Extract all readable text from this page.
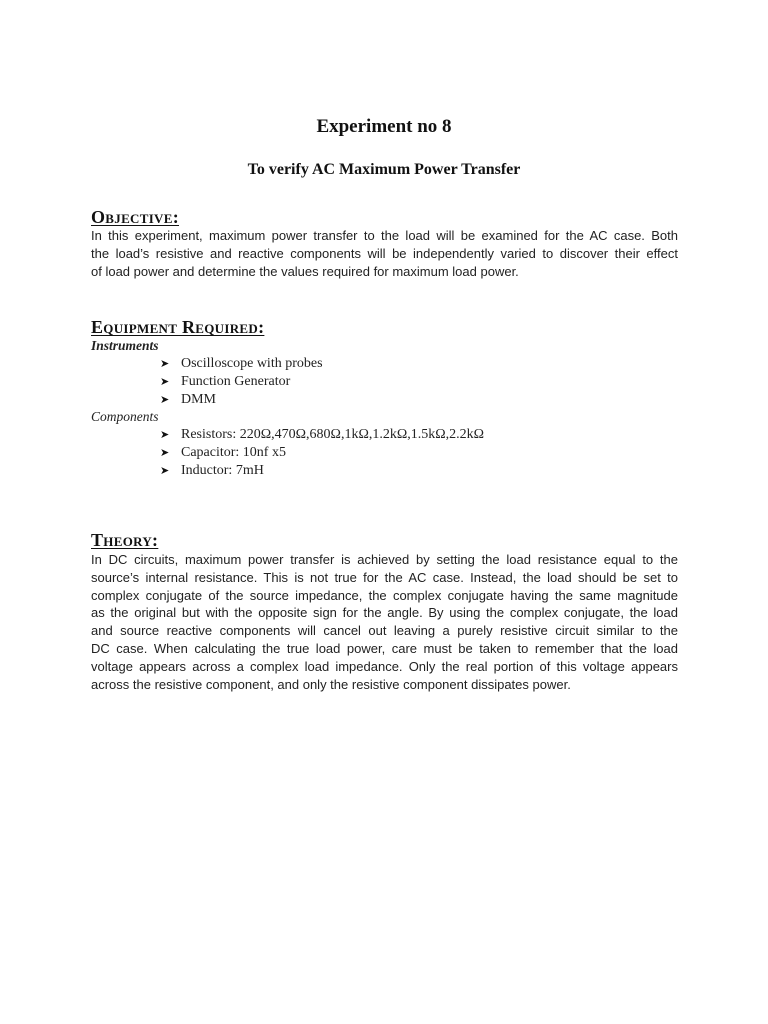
Experiment no 8
To verify AC Maximum Power Transfer
Objective:
In this experiment, maximum power transfer to the load will be examined for the AC case. Both
the load’s resistive and reactive components will be independently varied to discover their effect
of load power and determine the values required for maximum load power.
Equipment Required:
Instruments
➤ Oscilloscope with probes
➤ Function Generator
➤ DMM
Components
➤ Resistors: 220Ω,470Ω,680Ω,1kΩ,1.2kΩ,1.5kΩ,2.2kΩ
➤ Capacitor: 10nf x5
➤ Inductor: 7mH
Theory:
In DC circuits, maximum power transfer is achieved by setting the load resistance equal to the
source’s internal resistance. This is not true for the AC case. Instead, the load should be set to
complex conjugate of the source impedance, the complex conjugate having the same magnitude
as the original but with the opposite sign for the angle. By using the complex conjugate, the load
and source reactive components will cancel out leaving a purely resistive circuit similar to the
DC case. When calculating the true load power, care must be taken to remember that the load
voltage appears across a complex load impedance. Only the real portion of this voltage appears
across the resistive component, and only the resistive component dissipates power.
